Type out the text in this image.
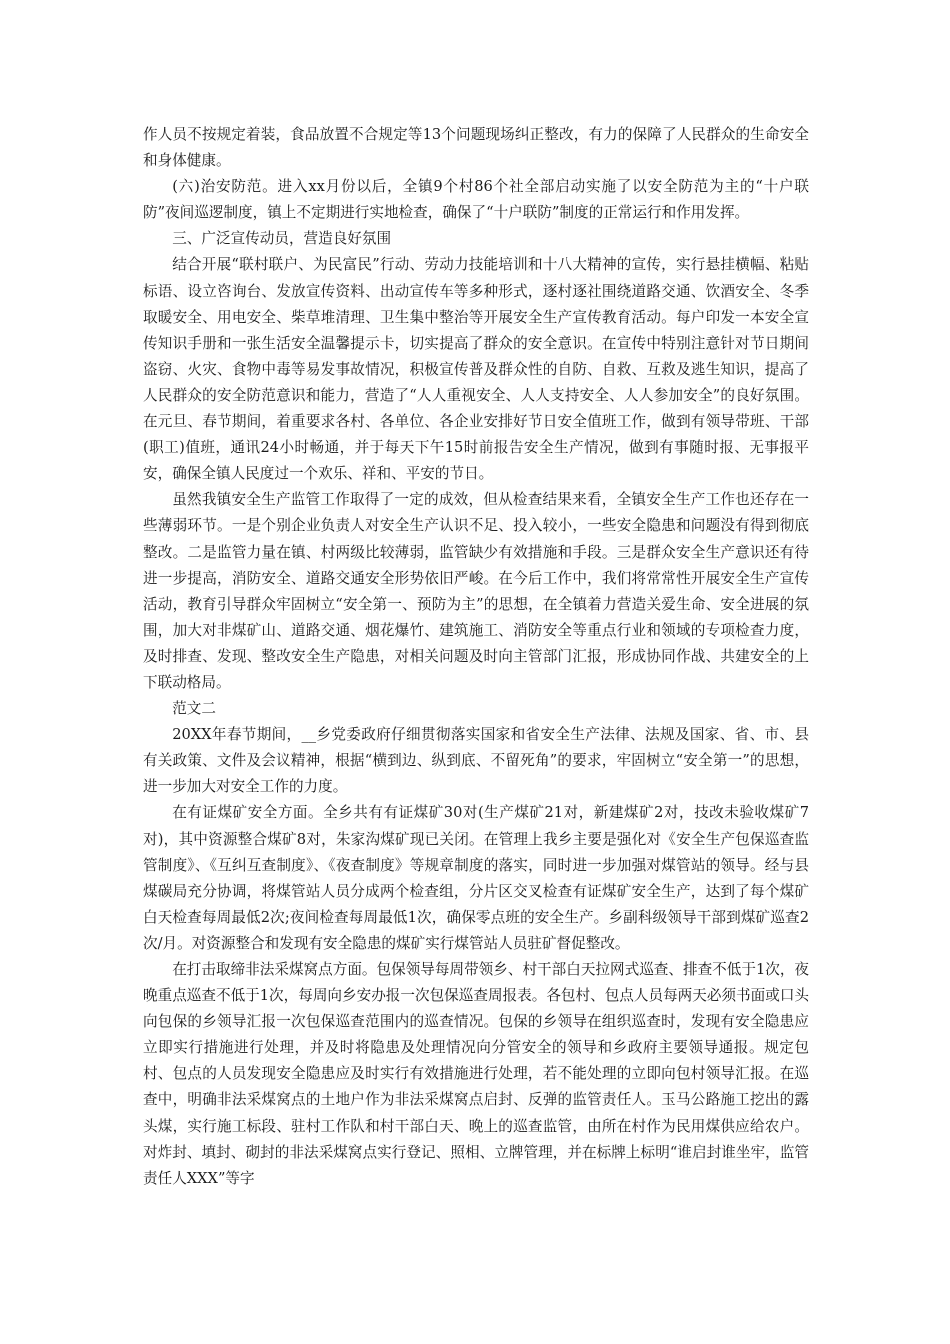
作人员不按规定着装，食品放置不合规定等13个问题现场纠正整改，有力的保障了人民群众的生命安全和身体健康。

(六)治安防范。进入xx月份以后，全镇9个村86个社全部启动实施了以安全防范为主的“十户联防”夜间巡逻制度，镇上不定期进行实地检查，确保了“十户联防”制度的正常运行和作用发挥。

三、广泛宣传动员，营造良好氛围

结合开展“联村联户、为民富民”行动、劳动力技能培训和十八大精神的宣传，实行悬挂横幅、粘贴标语、设立咨询台、发放宣传资料、出动宣传车等多种形式，逐村逐社围绕道路交通、饮酒安全、冬季取暖安全、用电安全、柴草堆清理、卫生集中整治等开展安全生产宣传教育活动。每户印发一本安全宣传知识手册和一张生活安全温馨提示卡，切实提高了群众的安全意识。在宣传中特别注意针对节日期间盗窃、火灾、食物中毒等易发事故情况，积极宣传普及群众性的自防、自救、互救及逃生知识，提高了人民群众的安全防范意识和能力，营造了“人人重视安全、人人支持安全、人人参加安全”的良好氛围。在元旦、春节期间，着重要求各村、各单位、各企业安排好节日安全值班工作，做到有领导带班、干部(职工)值班，通讯24小时畅通，并于每天下午15时前报告安全生产情况，做到有事随时报、无事报平安，确保全镇人民度过一个欢乐、祥和、平安的节日。

虽然我镇安全生产监管工作取得了一定的成效，但从检查结果来看，全镇安全生产工作也还存在一些薄弱环节。一是个别企业负责人对安全生产认识不足、投入较小，一些安全隐患和问题没有得到彻底整改。二是监管力量在镇、村两级比较薄弱，监管缺少有效措施和手段。三是群众安全生产意识还有待进一步提高，消防安全、道路交通安全形势依旧严峻。在今后工作中，我们将常常性开展安全生产宣传活动，教育引导群众牢固树立“安全第一、预防为主”的思想，在全镇着力营造关爱生命、安全进展的氛围，加大对非煤矿山、道路交通、烟花爆竹、建筑施工、消防安全等重点行业和领域的专项检查力度，及时排查、发现、整改安全生产隐患，对相关问题及时向主管部门汇报，形成协同作战、共建安全的上下联动格局。

范文二

20XX年春节期间，__乡党委政府仔细贯彻落实国家和省安全生产法律、法规及国家、省、市、县有关政策、文件及会议精神，根据“横到边、纵到底、不留死角”的要求，牢固树立“安全第一”的思想，进一步加大对安全工作的力度。

在有证煤矿安全方面。全乡共有有证煤矿30对(生产煤矿21对，新建煤矿2对，技改未验收煤矿7对)，其中资源整合煤矿8对，朱家沟煤矿现已关闭。在管理上我乡主要是强化对《安全生产包保巡查监管制度》、《互纠互查制度》、《夜查制度》等规章制度的落实，同时进一步加强对煤管站的领导。经与县煤碳局充分协调，将煤管站人员分成两个检查组，分片区交叉检查有证煤矿安全生产，达到了每个煤矿白天检查每周最低2次;夜间检查每周最低1次，确保零点班的安全生产。乡副科级领导干部到煤矿巡查2次/月。对资源整合和发现有安全隐患的煤矿实行煤管站人员驻矿督促整改。

在打击取缔非法采煤窝点方面。包保领导每周带领乡、村干部白天拉网式巡查、排查不低于1次，夜晚重点巡查不低于1次，每周向乡安办报一次包保巡查周报表。各包村、包点人员每两天必须书面或口头向包保的乡领导汇报一次包保巡查范围内的巡查情况。包保的乡领导在组织巡查时，发现有安全隐患应立即实行措施进行处理，并及时将隐患及处理情况向分管安全的领导和乡政府主要领导通报。规定包村、包点的人员发现安全隐患应及时实行有效措施进行处理，若不能处理的立即向包村领导汇报。在巡查中，明确非法采煤窝点的土地户作为非法采煤窝点启封、反弹的监管责任人。玉马公路施工挖出的露头煤，实行施工标段、驻村工作队和村干部白天、晚上的巡查监管，由所在村作为民用煤供应给农户。对炸封、填封、砌封的非法采煤窝点实行登记、照相、立牌管理，并在标牌上标明“谁启封谁坐牢，监管责任人XXX”等字
